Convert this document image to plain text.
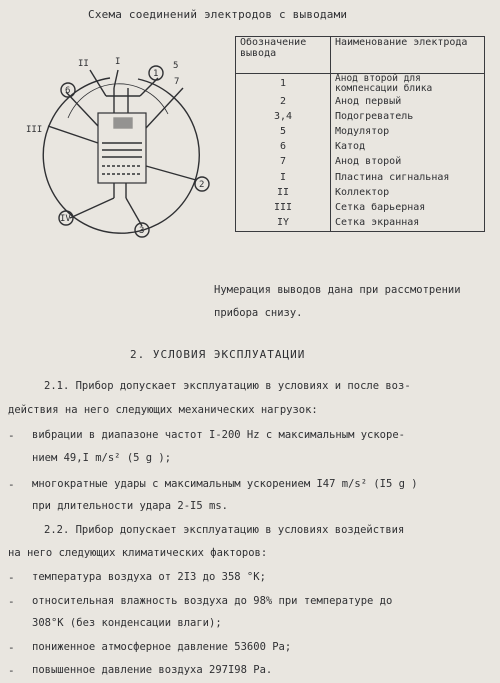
Схема соединений электродов с выводами
I
1
II
2
III
3
IV
5
6
7
Обозначение вывода	Наименование электрода
1	Анод второй для компенсации блика
2	Анод первый
3,4	Подогреватель
5	Модулятор
6	Катод
7	Анод второй
I	Пластина сигнальная
II	Коллектор
III	Сетка барьерная
IY	Сетка экранная
Нумерация выводов дана при рассмотрении прибора снизу.
2. УСЛОВИЯ ЭКСПЛУАТАЦИИ
2.1. Прибор допускает эксплуатацию в условиях и после воз-
действия на него следующих механических нагрузок:
- вибрации в диапазоне частот I-200 Hz с максимальным ускоре-
нием 49,I m/s² (5 g );
- многократные удары с максимальным ускорением I47 m/s² (I5 g )
при длительности удара 2-I5 ms.
2.2. Прибор допускает эксплуатацию в условиях воздействия
на него следующих климатических факторов:
- температура воздуха от 2I3 до 358 °K;
- относительная влажность воздуха до 98% при температуре до
308°K (без конденсации влаги);
- пониженное атмосферное давление 53600 Pa;
- повышенное давление воздуха 297I98 Pa.
